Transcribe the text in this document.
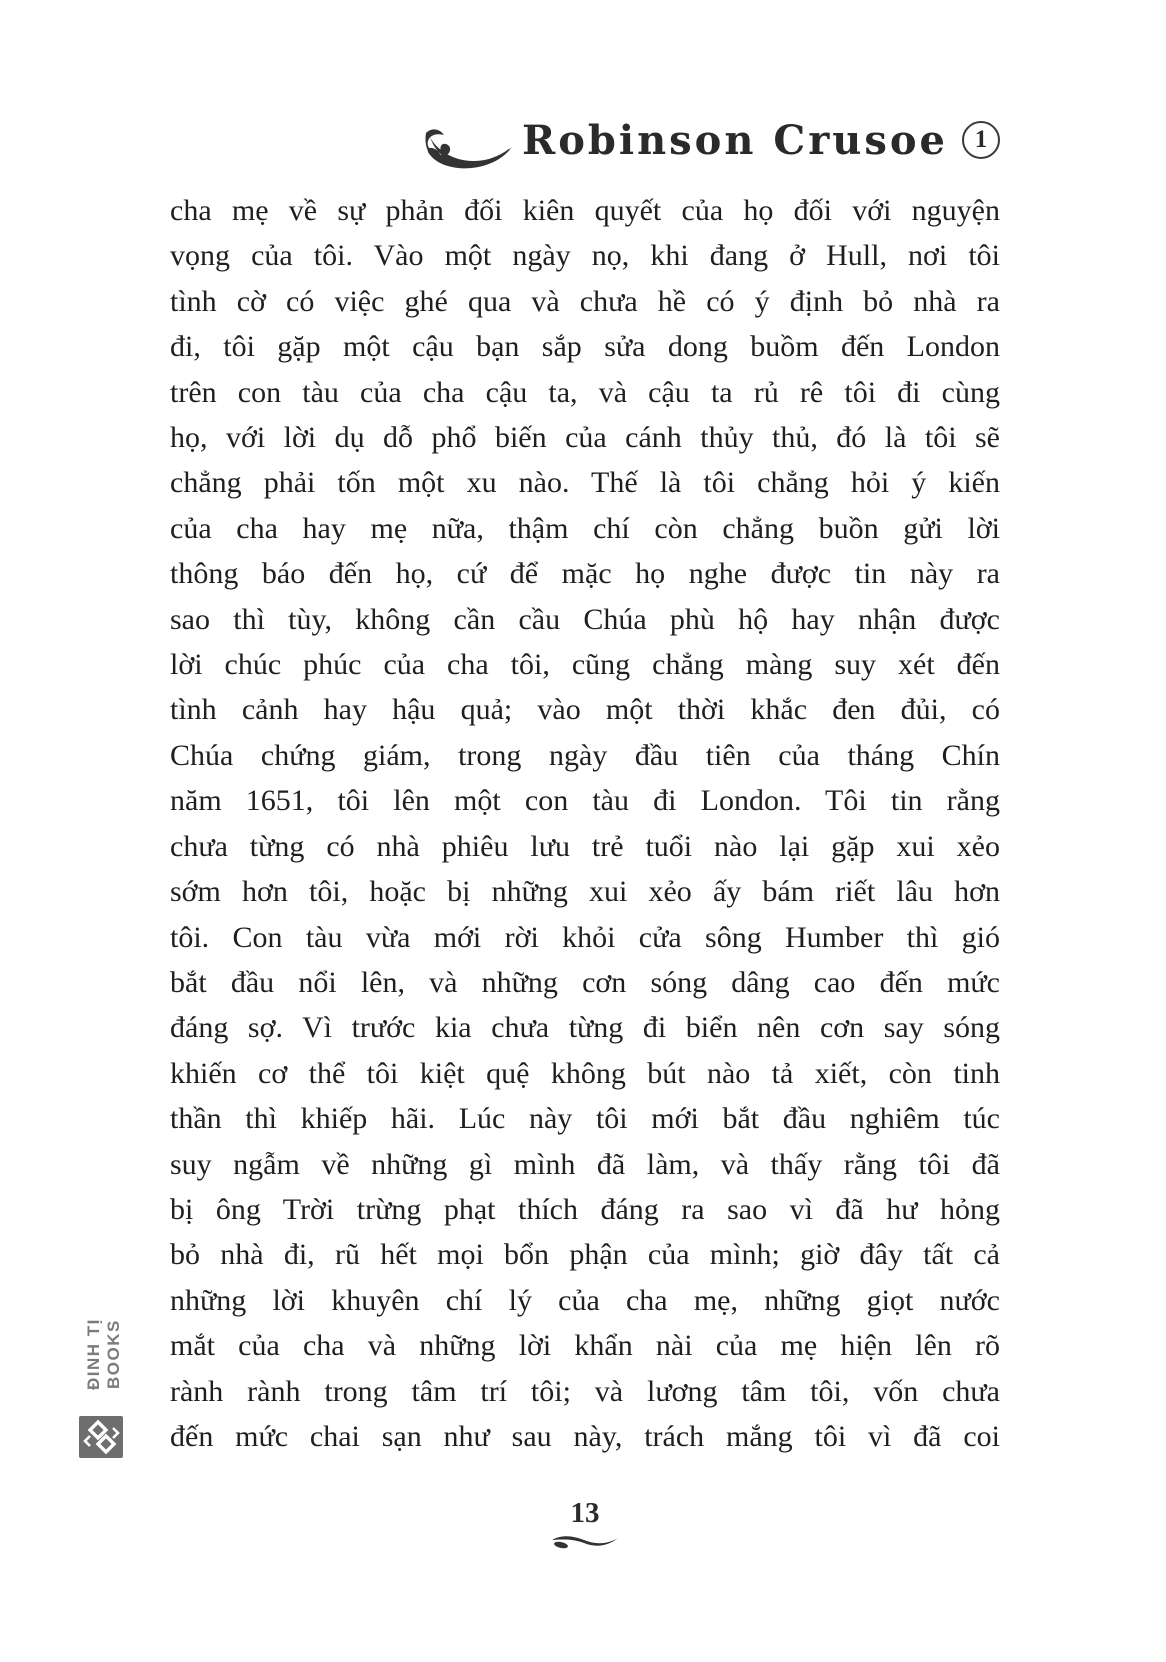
Robinson Crusoe	1
cha mẹ về sự phản đối kiên quyết của họ đối với nguyện
vọng của tôi. Vào một ngày nọ, khi đang ở Hull, nơi tôi
tình cờ có việc ghé qua và chưa hề có ý định bỏ nhà ra
đi, tôi gặp một cậu bạn sắp sửa dong buồm đến London
trên con tàu của cha cậu ta, và cậu ta rủ rê tôi đi cùng
họ, với lời dụ dỗ phổ biến của cánh thủy thủ, đó là tôi sẽ
chẳng phải tốn một xu nào. Thế là tôi chẳng hỏi ý kiến
của cha hay mẹ nữa, thậm chí còn chẳng buồn gửi lời
thông báo đến họ, cứ để mặc họ nghe được tin này ra
sao thì tùy, không cần cầu Chúa phù hộ hay nhận được
lời chúc phúc của cha tôi, cũng chẳng màng suy xét đến
tình cảnh hay hậu quả; vào một thời khắc đen đủi, có
Chúa chứng giám, trong ngày đầu tiên của tháng Chín
năm 1651, tôi lên một con tàu đi London. Tôi tin rằng
chưa từng có nhà phiêu lưu trẻ tuổi nào lại gặp xui xẻo
sớm hơn tôi, hoặc bị những xui xẻo ấy bám riết lâu hơn
tôi. Con tàu vừa mới rời khỏi cửa sông Humber thì gió
bắt đầu nổi lên, và những cơn sóng dâng cao đến mức
đáng sợ. Vì trước kia chưa từng đi biển nên cơn say sóng
khiến cơ thể tôi kiệt quệ không bút nào tả xiết, còn tinh
thần thì khiếp hãi. Lúc này tôi mới bắt đầu nghiêm túc
suy ngẫm về những gì mình đã làm, và thấy rằng tôi đã
bị ông Trời trừng phạt thích đáng ra sao vì đã hư hỏng
bỏ nhà đi, rũ hết mọi bổn phận của mình; giờ đây tất cả
những lời khuyên chí lý của cha mẹ, những giọt nước
mắt của cha và những lời khẩn nài của mẹ hiện lên rõ
rành rành trong tâm trí tôi; và lương tâm tôi, vốn chưa
đến mức chai sạn như sau này, trách mắng tôi vì đã coi
ĐINH TỊ BOOKS
13
